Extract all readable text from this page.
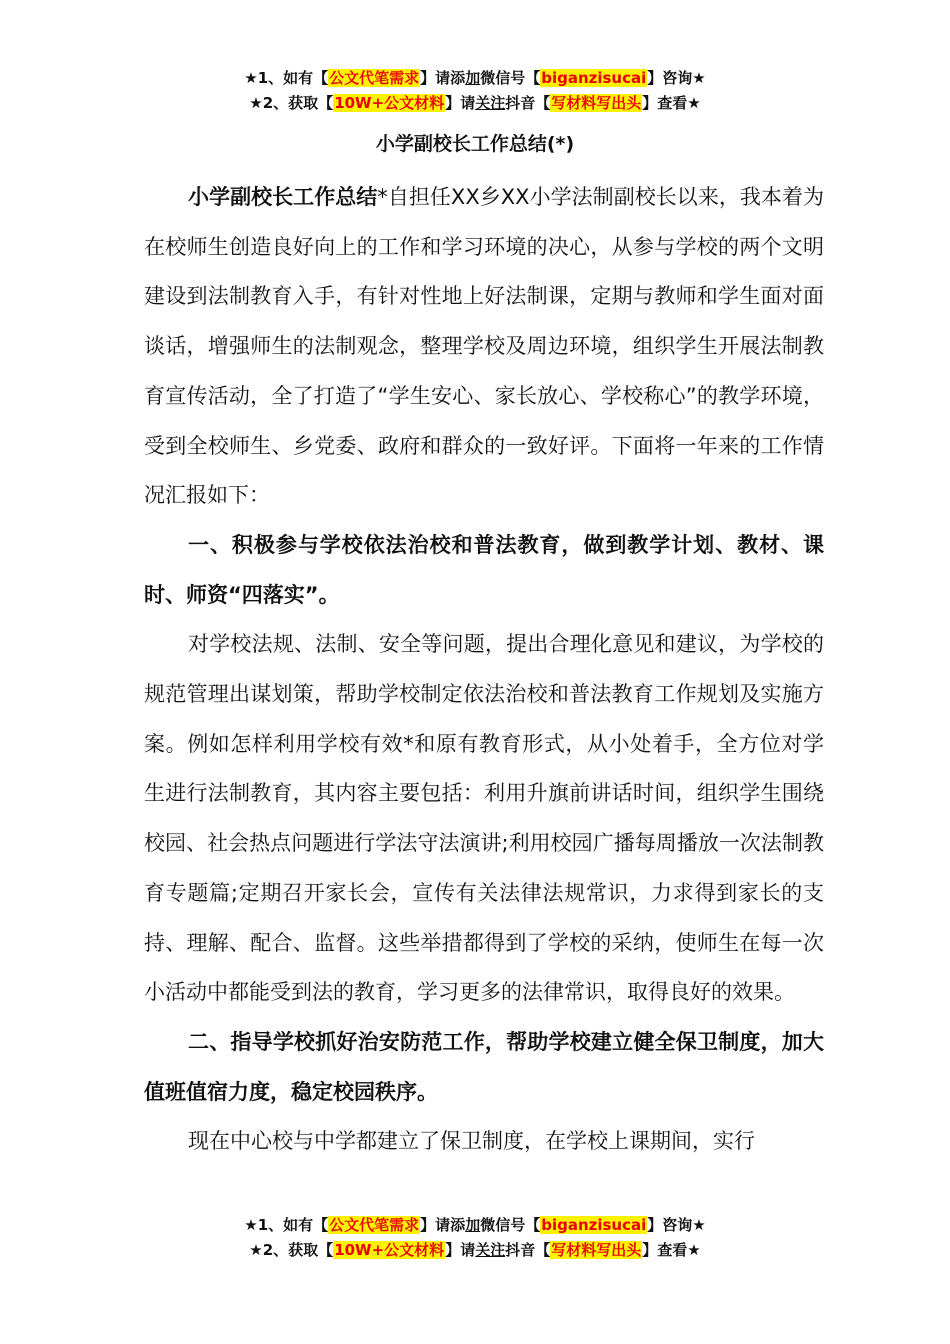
★1、如有【公文代笔需求】请添加微信号【biganzisucai】咨询★
★2、获取【10W+公文材料】请关注抖音【写材料写出头】查看★
小学副校长工作总结(*)

小学副校长工作总结*自担任XX乡XX小学法制副校长以来，我本着为在校师生创造良好向上的工作和学习环境的决心，从参与学校的两个文明建设到法制教育入手，有针对性地上好法制课，定期与教师和学生面对面谈话，增强师生的法制观念，整理学校及周边环境，组织学生开展法制教育宣传活动，全了打造了“学生安心、家长放心、学校称心”的教学环境，受到全校师生、乡党委、政府和群众的一致好评。下面将一年来的工作情况汇报如下：

一、积极参与学校依法治校和普法教育，做到教学计划、教材、课时、师资“四落实”。

对学校法规、法制、安全等问题，提出合理化意见和建议，为学校的规范管理出谋划策，帮助学校制定依法治校和普法教育工作规划及实施方案。例如怎样利用学校有效*和原有教育形式，从小处着手，全方位对学生进行法制教育，其内容主要包括：利用升旗前讲话时间，组织学生围绕校园、社会热点问题进行学法守法演讲;利用校园广播每周播放一次法制教育专题篇;定期召开家长会，宣传有关法律法规常识，力求得到家长的支持、理解、配合、监督。这些举措都得到了学校的采纳，使师生在每一次小活动中都能受到法的教育，学习更多的法律常识，取得良好的效果。

二、指导学校抓好治安防范工作，帮助学校建立健全保卫制度，加大值班值宿力度，稳定校园秩序。

现在中心校与中学都建立了保卫制度，在学校上课期间，实行

★1、如有【公文代笔需求】请添加微信号【biganzisucai】咨询★
★2、获取【10W+公文材料】请关注抖音【写材料写出头】查看★
